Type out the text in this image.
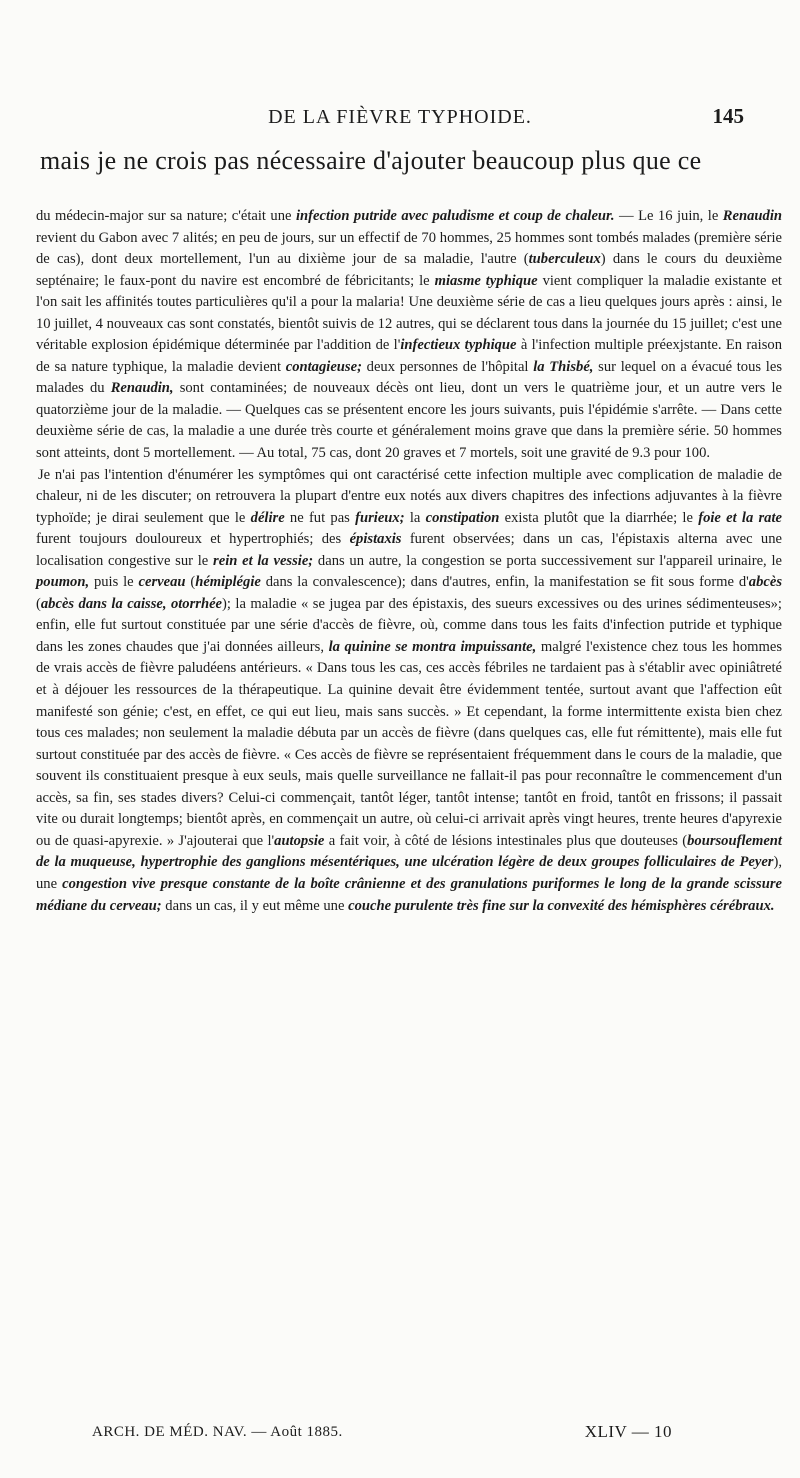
DE LA FIÈVRE TYPHOIDE.	145
mais je ne crois pas nécessaire d'ajouter beaucoup plus que ce

du médecin-major sur sa nature; c'était une infection putride avec paludisme et coup de chaleur. — Le 16 juin, le Renaudin revient du Gabon avec 7 alités; en peu de jours, sur un effectif de 70 hommes, 25 hommes sont tombés malades (première série de cas), dont deux mortellement, l'un au dixième jour de sa maladie, l'autre (tuberculeux) dans le cours du deuxième septénaire; le faux-pont du navire est encombré de fébricitants; le miasme typhique vient compliquer la maladie existante et l'on sait les affinités toutes particulières qu'il a pour la malaria! Une deuxième série de cas a lieu quelques jours après : ainsi, le 10 juillet, 4 nouveaux cas sont constatés, bientôt suivis de 12 autres, qui se déclarent tous dans la journée du 15 juillet; c'est une véritable explosion épidémique déterminée par l'addition de l'infectieux typhique à l'infection multiple préexjstante. En raison de sa nature typhique, la maladie devient contagieuse; deux personnes de l'hôpital la Thisbé, sur lequel on a évacué tous les malades du Renaudin, sont contaminées; de nouveaux décès ont lieu, dont un vers le quatrième jour, et un autre vers le quatorzième jour de la maladie. — Quelques cas se présentent encore les jours suivants, puis l'épidémie s'arrête. — Dans cette deuxième série de cas, la maladie a une durée très courte et généralement moins grave que dans la première série. 50 hommes sont atteints, dont 5 mortellement. — Au total, 75 cas, dont 20 graves et 7 mortels, soit une gravité de 9.3 pour 100.

Je n'ai pas l'intention d'énumérer les symptômes qui ont caractérisé cette infection multiple avec complication de maladie de chaleur, ni de les discuter; on retrouvera la plupart d'entre eux notés aux divers chapitres des infections adjuvantes à la fièvre typhoïde; je dirai seulement que le délire ne fut pas furieux; la constipation exista plutôt que la diarrhée; le foie et la rate furent toujours douloureux et hypertrophiés; des épistaxis furent observées; dans un cas, l'épistaxis alterna avec une localisation congestive sur le rein et la vessie; dans un autre, la congestion se porta successivement sur l'appareil urinaire, le poumon, puis le cerveau (hémiplégie dans la convalescence); dans d'autres, enfin, la manifestation se fit sous forme d'abcès (abcès dans la caisse, otorrhée); la maladie « se jugea par des épistaxis, des sueurs excessives ou des urines sédimenteuses»; enfin, elle fut surtout constituée par une série d'accès de fièvre, où, comme dans tous les faits d'infection putride et typhique dans les zones chaudes que j'ai données ailleurs, la quinine se montra impuissante, malgré l'existence chez tous les hommes de vrais accès de fièvre paludéens antérieurs. « Dans tous les cas, ces accès fébriles ne tardaient pas à s'établir avec opiniâtreté et à déjouer les ressources de la thérapeutique. La quinine devait être évidemment tentée, surtout avant que l'affection eût manifesté son génie; c'est, en effet, ce qui eut lieu, mais sans succès. » Et cependant, la forme intermittente exista bien chez tous ces malades; non seulement la maladie débuta par un accès de fièvre (dans quelques cas, elle fut rémittente), mais elle fut surtout constituée par des accès de fièvre. « Ces accès de fièvre se représentaient fréquemment dans le cours de la maladie, que souvent ils constituaient presque à eux seuls, mais quelle surveillance ne fallait-il pas pour reconnaître le commencement d'un accès, sa fin, ses stades divers? Celui-ci commençait, tantôt léger, tantôt intense; tantôt en froid, tantôt en frissons; il passait vite ou durait longtemps; bientôt après, en commençait un autre, où celui-ci arrivait après vingt heures, trente heures d'apyrexie ou de quasi-apyrexie. » J'ajouterai que l'autopsie a fait voir, à côté de lésions intestinales plus que douteuses (boursouflement de la muqueuse, hypertrophie des ganglions mésentériques, une ulcération légère de deux groupes folliculaires de Peyer), une congestion vive presque constante de la boîte crânienne et des granulations puriformes le long de la grande scissure médiane du cerveau; dans un cas, il y eut même une couche purulente très fine sur la convexité des hémisphères cérébraux.

ARCH. DE MÉD. NAV. — Août 1885.	XLIV — 10
